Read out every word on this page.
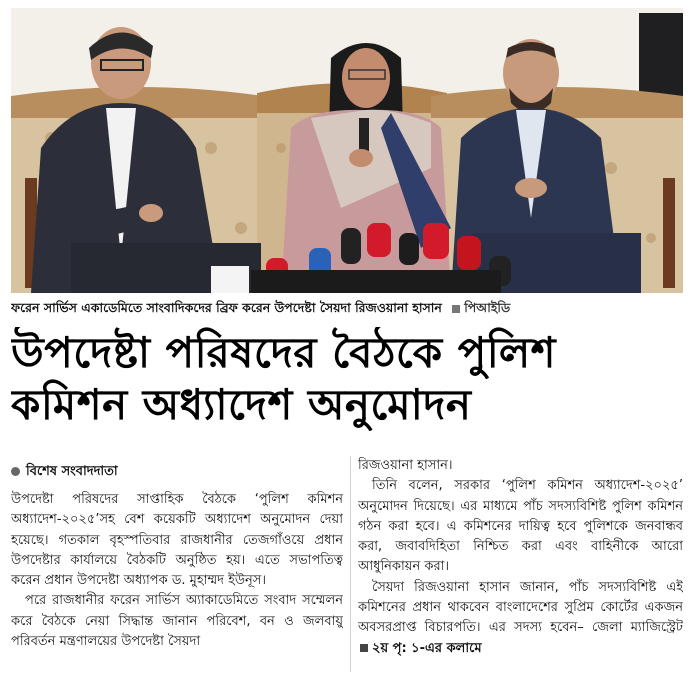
ফরেন সার্ভিস একাডেমিতে সাংবাদিকদের ব্রিফ করেন উপদেষ্টা সৈয়দা রিজওয়ানা হাসান পিআইডি
উপদেষ্টা পরিষদের বৈঠকে পুলিশ
কমিশন অধ্যাদেশ অনুমোদন
বিশেষ সংবাদদাতা

উপদেষ্টা পরিষদের সাপ্তাহিক বৈঠকে ‘পুলিশ কমিশন অধ্যাদেশ-২০২৫’সহ বেশ কয়েকটি অধ্যাদেশ অনুমোদন দেয়া হয়েছে। গতকাল বৃহস্পতিবার রাজধানীর তেজগাঁওয়ে প্রধান উপদেষ্টার কার্যালয়ে বৈঠকটি অনুষ্ঠিত হয়। এতে সভাপতিত্ব করেন প্রধান উপদেষ্টা অধ্যাপক ড. মুহাম্মদ ইউনূস।

পরে রাজধানীর ফরেন সার্ভিস অ্যাকাডেমিতে সংবাদ সম্মেলন করে বৈঠকে নেয়া সিদ্ধান্ত জানান পরিবেশ, বন ও জলবায়ু পরিবর্তন মন্ত্রণালয়ের উপদেষ্টা সৈয়দা

রিজওয়ানা হাসান।

তিনি বলেন, সরকার ‘পুলিশ কমিশন অধ্যাদেশ-২০২৫’ অনুমোদন দিয়েছে। এর মাধ্যমে পাঁচ সদস্যবিশিষ্ট পুলিশ কমিশন গঠন করা হবে। এ কমিশনের দায়িত্ব হবে পুলিশকে জনবান্ধব করা, জবাবদিহিতা নিশ্চিত করা এবং বাহিনীকে আরো আধুনিকায়ন করা।

সৈয়দা রিজওয়ানা হাসান জানান, পাঁচ সদস্যবিশিষ্ট এই কমিশনের প্রধান থাকবেন বাংলাদেশের সুপ্রিম কোর্টের একজন অবসরপ্রাপ্ত বিচারপতি। এর সদস্য হবেন– জেলা ম্যাজিস্ট্রেট ২য় পৃ: ১-এর কলামে
